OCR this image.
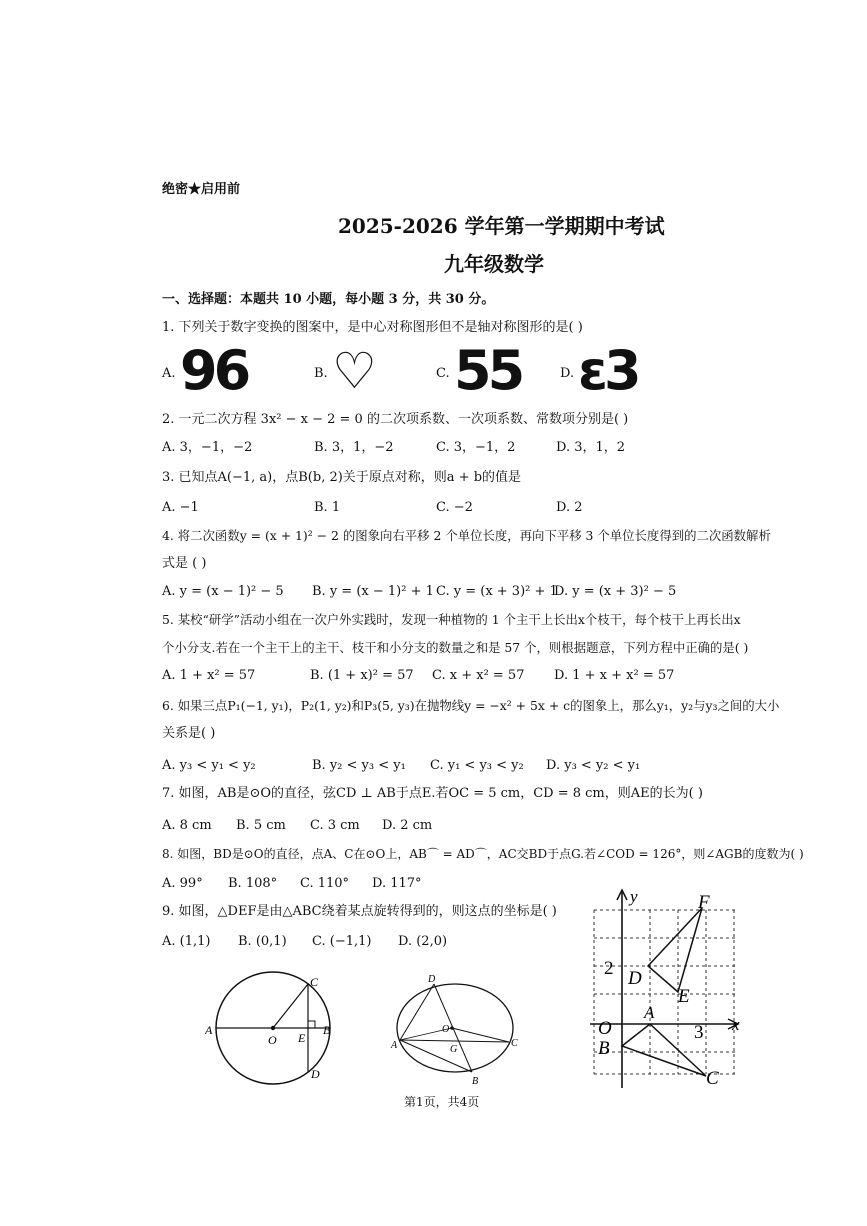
绝密★启用前
2025-2026 学年第一学期期中考试
九年级数学
一、选择题：本题共 10 小题，每小题 3 分，共 30 分。
1. 下列关于数字变换的图案中，是中心对称图形但不是轴对称图形的是( )
A. 96	B. ♡	C. 55	D. ɛ3
2. 一元二次方程 3x² − x − 2 = 0 的二次项系数、一次项系数、常数项分别是( )
A. 3，−1，−2	B. 3，1，−2	C. 3，−1，2	D. 3，1，2
3. 已知点A(−1, a)，点B(b, 2)关于原点对称，则a + b的值是
A. −1	B. 1	C. −2	D. 2
4. 将二次函数y = (x + 1)² − 2 的图象向右平移 2 个单位长度，再向下平移 3 个单位长度得到的二次函数解析
式是 ( )
A. y = (x − 1)² − 5 B. y = (x − 1)² + 1 C. y = (x + 3)² + 1
D. y = (x + 3)² − 5
5. 某校“研学”活动小组在一次户外实践时，发现一种植物的 1 个主干上长出x个枝干，每个枝干上再长出x
个小分支.若在一个主干上的主干、枝干和小分支的数量之和是 57 个，则根据题意，下列方程中正确的是( )
A. 1 + x² = 57	B. (1 + x)² = 57 C. x + x² = 57 D. 1 + x + x² = 57
6. 如果三点P₁(−1, y₁)，P₂(1, y₂)和P₃(5, y₃)在抛物线y = −x² + 5x + c的图象上，那么y₁，y₂与y₃之间的大小
关系是( )
A. y₃ < y₁ < y₂	B. y₂ < y₃ < y₁ C. y₁ < y₃ < y₂ D. y₃ < y₂ < y₁
7. 如图，AB是⊙O的直径，弦CD ⊥ AB于点E.若OC = 5 cm，CD = 8 cm，则AE的长为( )
A. 8 cm B. 5 cm C. 3 cm D. 2 cm
8. 如图，BD是⊙O的直径，点A、C在⊙O上，AB⌒ = AD⌒，AC交BD于点G.若∠COD = 126°，则∠AGB的度数为( )
A. 99° B. 108° C. 110° D. 117°
9. 如图，△DEF是由△ABC绕着某点旋转得到的，则这点的坐标是( )
A. (1,1) B. (0,1) C. (−1,1) D. (2,0)
A
O E
B
C
D
D
O
A	G
C
B
y
x
F
D
E
A
O
B
C
2
3
第1页，共4页
